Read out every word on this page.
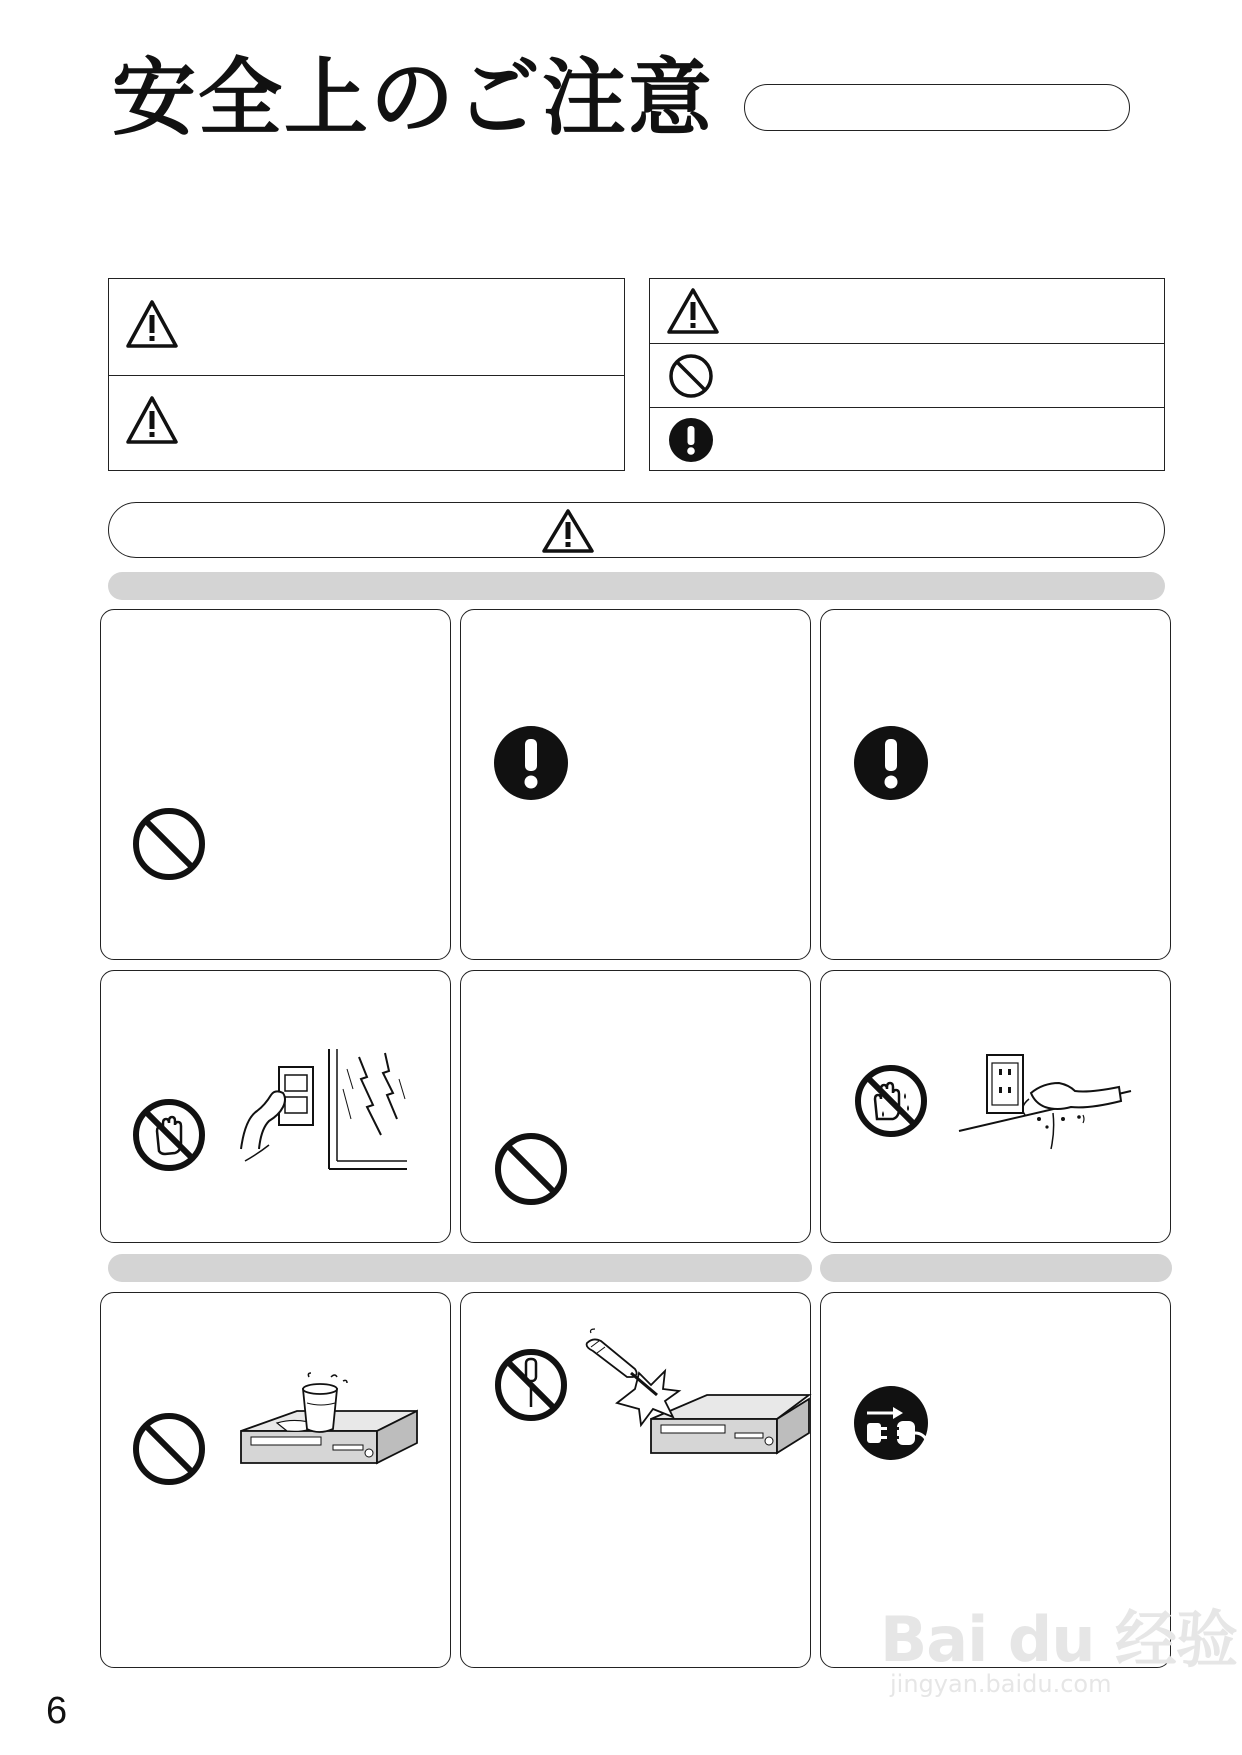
安全上のご注意
6
Bai du 经验
jingyan.baidu.com
